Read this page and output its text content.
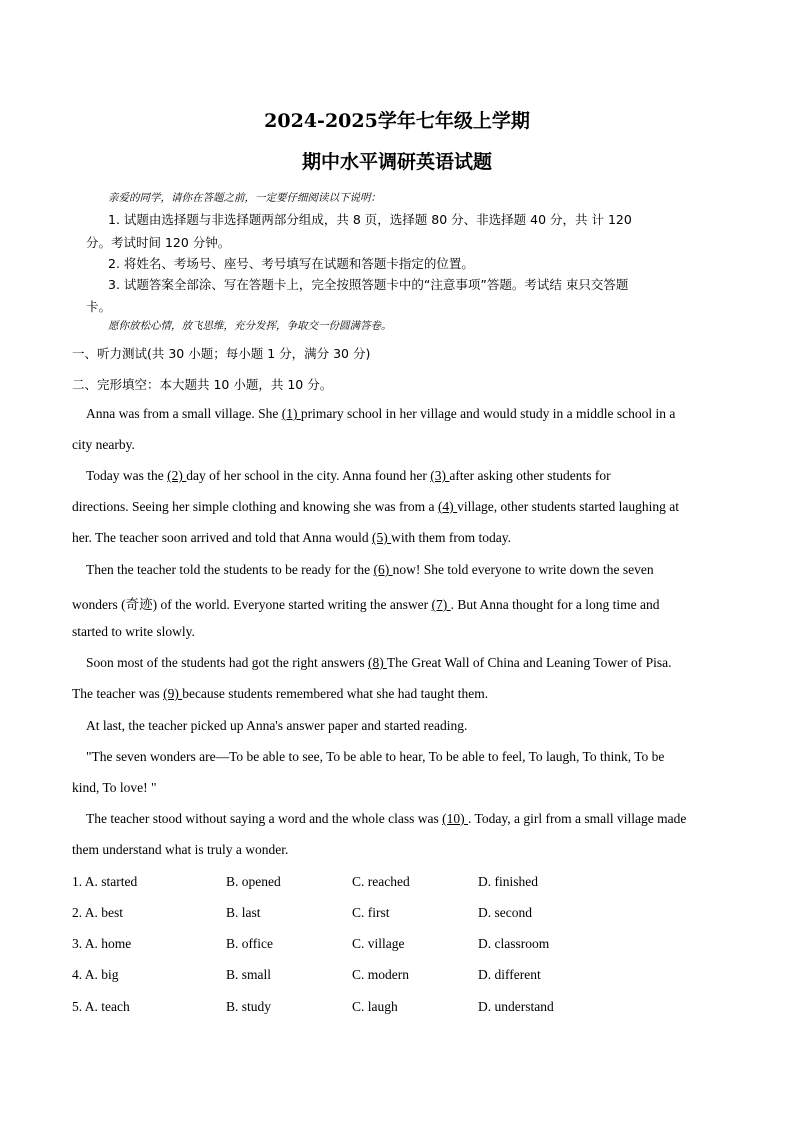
2024-2025学年七年级上学期
期中水平调研英语试题
亲爱的同学，请你在答题之前，一定要仔细阅读以下说明：
1. 试题由选择题与非选择题两部分组成，共 8 页，选择题 80 分、非选择题 40 分，共 计 120
分。考试时间 120 分钟。
2. 将姓名、考场号、座号、考号填写在试题和答题卡指定的位置。
3. 试题答案全部涂、写在答题卡上，完全按照答题卡中的“注意事项”答题。考试结 束只交答题
卡。
愿你放松心情，放飞思维，充分发挥，争取交一份圆满答卷。
一、听力测试(共 30 小题；每小题 1 分，满分 30 分)
二、完形填空：本大题共 10 小题，共 10 分。
Anna was from a small village. She (1) primary school in her village and would study in a middle school in a
city nearby.
Today was the (2) day of her school in the city. Anna found her (3) after asking other students for
directions. Seeing her simple clothing and knowing she was from a (4) village, other students started laughing at
her. The teacher soon arrived and told that Anna would (5) with them from today.
Then the teacher told the students to be ready for the (6) now! She told everyone to write down the seven
wonders (奇迹) of the world. Everyone started writing the answer (7) . But Anna thought for a long time and
started to write slowly.
Soon most of the students had got the right answers (8) The Great Wall of China and Leaning Tower of Pisa.
The teacher was (9) because students remembered what she had taught them.
At last, the teacher picked up Anna's answer paper and started reading.
"The seven wonders are—To be able to see, To be able to hear, To be able to feel, To laugh, To think, To be
kind, To love! "
The teacher stood without saying a word and the whole class was (10) . Today, a girl from a small village made
them understand what is truly a wonder.
1. A. started	B. opened	C. reached	D. finished
2. A. best	B. last	C. first	D. second
3. A. home	B. office	C. village	D. classroom
4. A. big	B. small	C. modern	D. different
5. A. teach	B. study	C. laugh	D. understand
